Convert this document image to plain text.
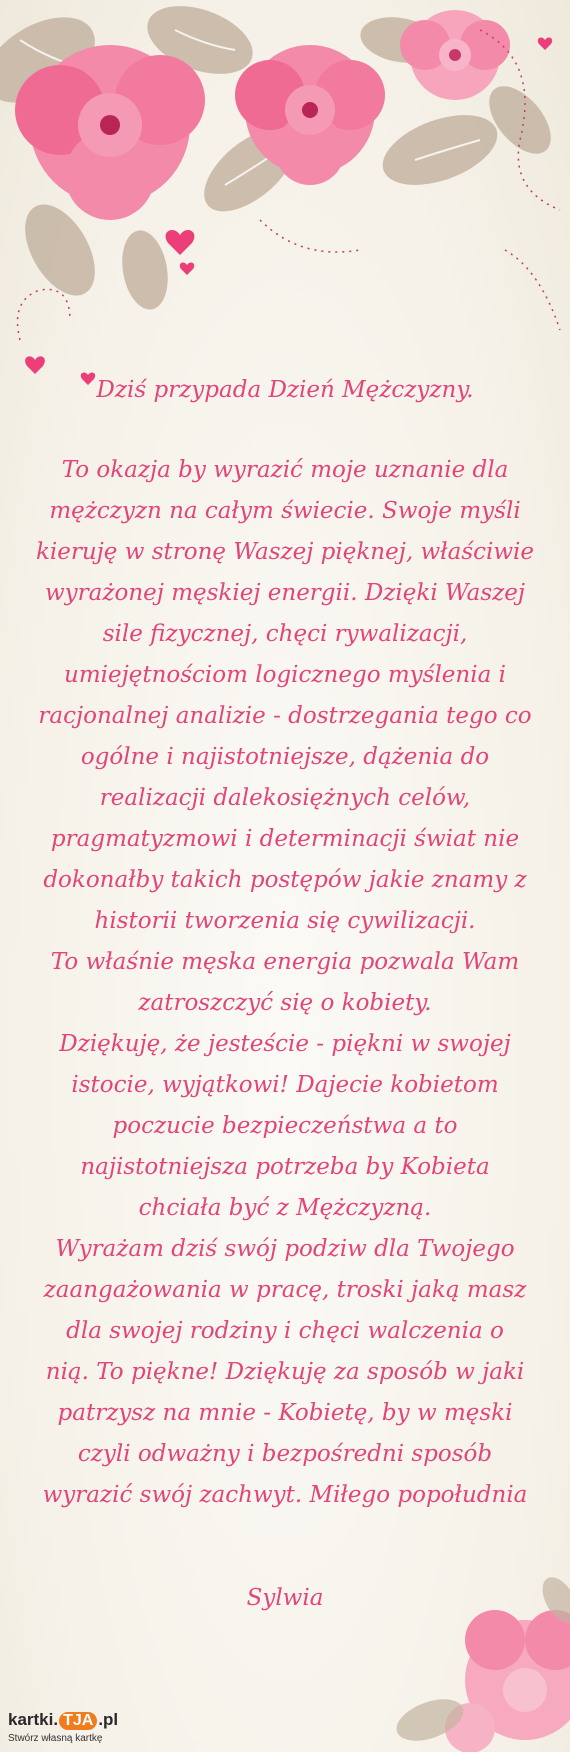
Dziś przypada Dzień Mężczyzny.
To okazja by wyrazić moje uznanie dla
mężczyzn na całym świecie. Swoje myśli
kieruję w stronę Waszej pięknej, właściwie
wyrażonej męskiej energii. Dzięki Waszej
sile fizycznej, chęci rywalizacji,
umiejętnościom logicznego myślenia i
racjonalnej analizie - dostrzegania tego co
ogólne i najistotniejsze, dążenia do
realizacji dalekosiężnych celów,
pragmatyzmowi i determinacji świat nie
dokonałby takich postępów jakie znamy z
historii tworzenia się cywilizacji.
To właśnie męska energia pozwala Wam
zatroszczyć się o kobiety.
Dziękuję, że jesteście - piękni w swojej
istocie, wyjątkowi! Dajecie kobietom
poczucie bezpieczeństwa a to
najistotniejsza potrzeba by Kobieta
chciała być z Mężczyzną.
Wyrażam dziś swój podziw dla Twojego
zaangażowania w pracę, troski jaką masz
dla swojej rodziny i chęci walczenia o
nią. To piękne! Dziękuję za sposób w jaki
patrzysz na mnie - Kobietę, by w męski
czyli odważny i bezpośredni sposób
wyrazić swój zachwyt. Miłego popołudnia
Sylwia
kartki. TJA .pl
Stwórz własną kartkę
